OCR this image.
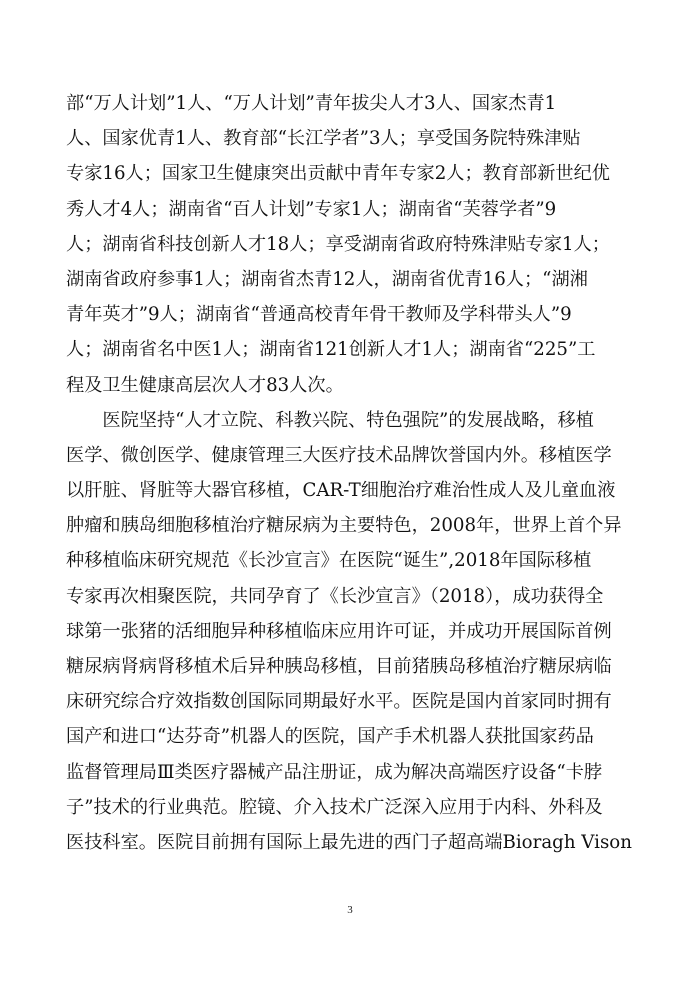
部“万人计划”1人、“万人计划”青年拔尖人才3人、国家杰青1
人、国家优青1人、教育部“长江学者”3人；享受国务院特殊津贴
专家16人；国家卫生健康突出贡献中青年专家2人；教育部新世纪优
秀人才4人；湖南省“百人计划”专家1人；湖南省“芙蓉学者”9
人；湖南省科技创新人才18人；享受湖南省政府特殊津贴专家1人；
湖南省政府参事1人；湖南省杰青12人，湖南省优青16人；“湖湘
青年英才”9人；湖南省“普通高校青年骨干教师及学科带头人”9
人；湖南省名中医1人；湖南省121创新人才1人；湖南省“225”工
程及卫生健康高层次人才83人次。
　　医院坚持“人才立院、科教兴院、特色强院”的发展战略，移植
医学、微创医学、健康管理三大医疗技术品牌饮誉国内外。移植医学
以肝脏、肾脏等大器官移植，CAR-T细胞治疗难治性成人及儿童血液
肿瘤和胰岛细胞移植治疗糖尿病为主要特色，2008年，世界上首个异
种移植临床研究规范《长沙宣言》在医院“诞生”,2018年国际移植
专家再次相聚医院，共同孕育了《长沙宣言》（2018），成功获得全
球第一张猪的活细胞异种移植临床应用许可证，并成功开展国际首例
糖尿病肾病肾移植术后异种胰岛移植，目前猪胰岛移植治疗糖尿病临
床研究综合疗效指数创国际同期最好水平。医院是国内首家同时拥有
国产和进口“达芬奇”机器人的医院，国产手术机器人获批国家药品
监督管理局Ⅲ类医疗器械产品注册证，成为解决高端医疗设备“卡脖
子”技术的行业典范。腔镜、介入技术广泛深入应用于内科、外科及
医技科室。医院目前拥有国际上最先进的西门子超高端Bioragh Vison
3
